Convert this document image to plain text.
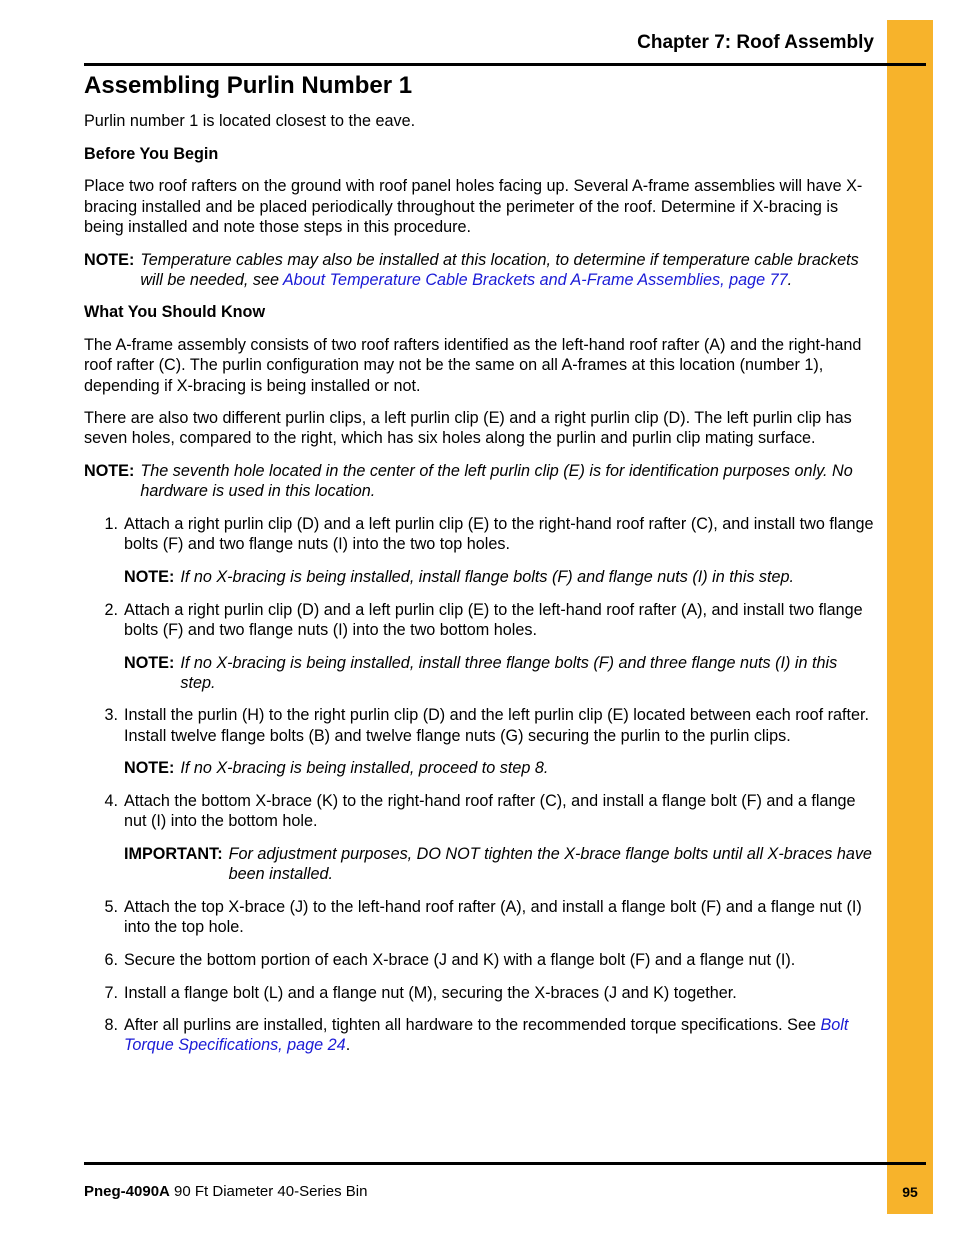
Chapter 7: Roof Assembly
Assembling Purlin Number 1

Purlin number 1 is located closest to the eave.

Before You Begin

Place two roof rafters on the ground with roof panel holes facing up. Several A-frame assemblies will have X-bracing installed and be placed periodically throughout the perimeter of the roof. Determine if X-bracing is being installed and note those steps in this procedure.

NOTE: Temperature cables may also be installed at this location, to determine if temperature cable brackets will be needed, see About Temperature Cable Brackets and A-Frame Assemblies, page 77.

What You Should Know

The A-frame assembly consists of two roof rafters identified as the left-hand roof rafter (A) and the right-hand roof rafter (C). The purlin configuration may not be the same on all A-frames at this location (number 1), depending if X-bracing is being installed or not.

There are also two different purlin clips, a left purlin clip (E) and a right purlin clip (D). The left purlin clip has seven holes, compared to the right, which has six holes along the purlin and purlin clip mating surface.

NOTE: The seventh hole located in the center of the left purlin clip (E) is for identification purposes only. No hardware is used in this location.
1. Attach a right purlin clip (D) and a left purlin clip (E) to the right-hand roof rafter (C), and install two flange bolts (F) and two flange nuts (I) into the two top holes.
NOTE: If no X-bracing is being installed, install flange bolts (F) and flange nuts (I) in this step.
2. Attach a right purlin clip (D) and a left purlin clip (E) to the left-hand roof rafter (A), and install two flange bolts (F) and two flange nuts (I) into the two bottom holes.
NOTE: If no X-bracing is being installed, install three flange bolts (F) and three flange nuts (I) in this step.
3. Install the purlin (H) to the right purlin clip (D) and the left purlin clip (E) located between each roof rafter. Install twelve flange bolts (B) and twelve flange nuts (G) securing the purlin to the purlin clips.
NOTE: If no X-bracing is being installed, proceed to step 8.
4. Attach the bottom X-brace (K) to the right-hand roof rafter (C), and install a flange bolt (F) and a flange nut (I) into the bottom hole.
IMPORTANT: For adjustment purposes, DO NOT tighten the X-brace flange bolts until all X-braces have been installed.
5. Attach the top X-brace (J) to the left-hand roof rafter (A), and install a flange bolt (F) and a flange nut (I) into the top hole.
6. Secure the bottom portion of each X-brace (J and K) with a flange bolt (F) and a flange nut (I).
7. Install a flange bolt (L) and a flange nut (M), securing the X-braces (J and K) together.
8. After all purlins are installed, tighten all hardware to the recommended torque specifications. See Bolt Torque Specifications, page 24.
Pneg-4090A 90 Ft Diameter 40-Series Bin	95
